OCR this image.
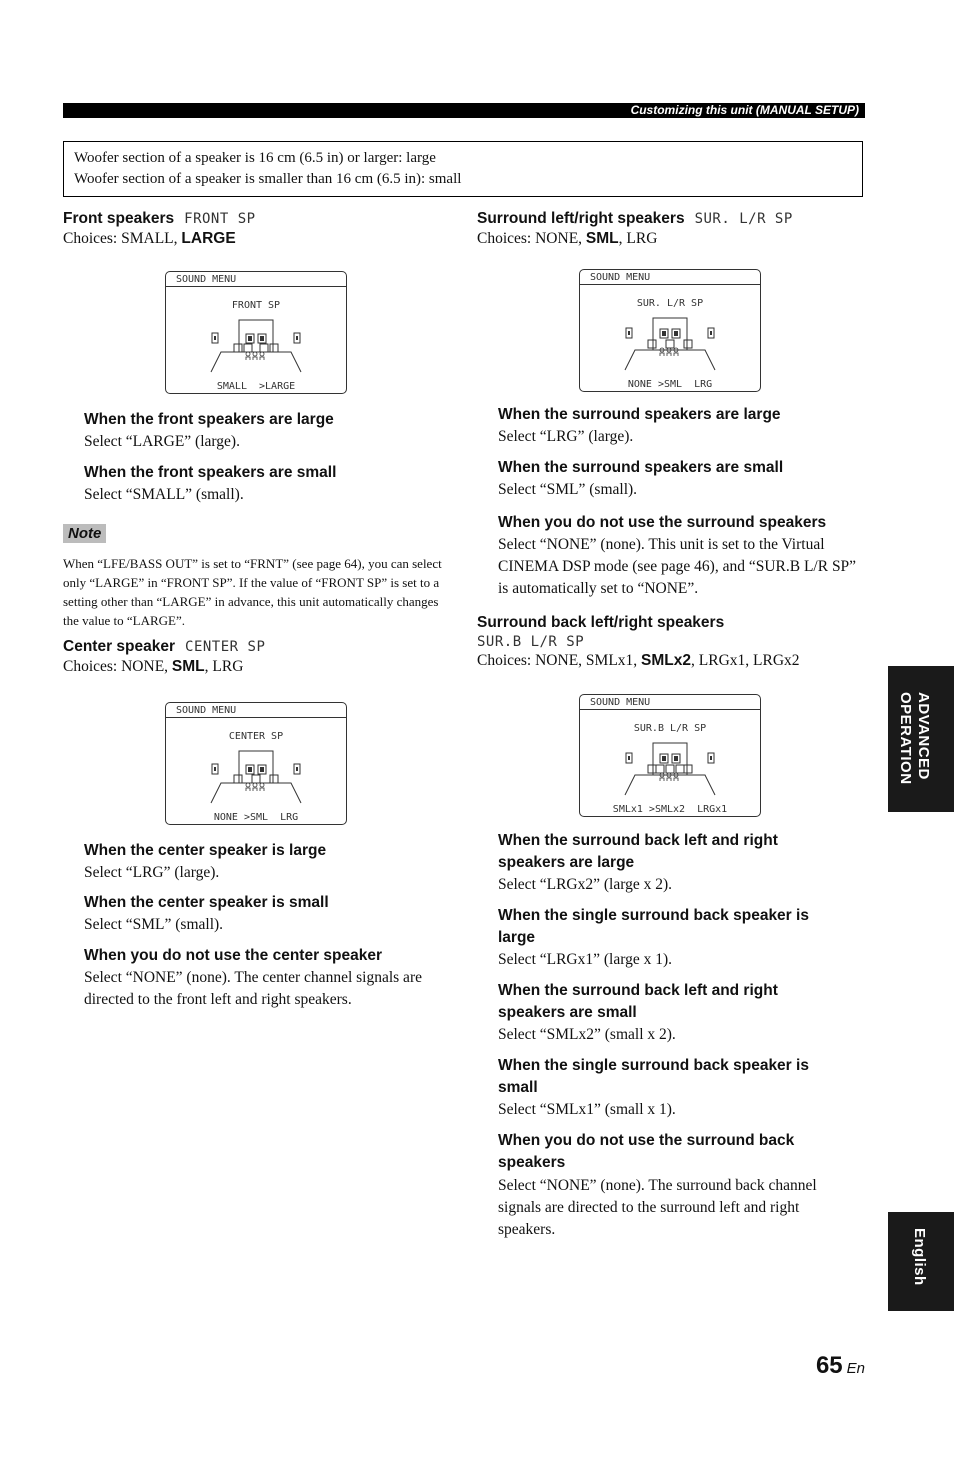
Customizing this unit (MANUAL SETUP)
Woofer section of a speaker is 16 cm (6.5 in) or larger: large
Woofer section of a speaker is smaller than 16 cm (6.5 in): small
Front speakers FRONT SP
Choices: SMALL, LARGE
SOUND MENU
FRONT SP
SMALL  >LARGE
When the front speakers are large
Select “LARGE” (large).
When the front speakers are small
Select “SMALL” (small).
Note
When “LFE/BASS OUT” is set to “FRNT” (see page 64), you can select only “LARGE” in “FRONT SP”. If the value of “FRONT SP” is set to a setting other than “LARGE” in advance, this unit automatically changes the value to “LARGE”.
Center speaker CENTER SP
Choices: NONE, SML, LRG
SOUND MENU
CENTER SP
NONE >SML  LRG
When the center speaker is large
Select “LRG” (large).
When the center speaker is small
Select “SML” (small).
When you do not use the center speaker
Select “NONE” (none). The center channel signals are directed to the front left and right speakers.
Surround left/right speakers SUR. L/R SP
Choices: NONE, SML, LRG
SOUND MENU
SUR. L/R SP
NONE >SML  LRG
When the surround speakers are large
Select “LRG” (large).
When the surround speakers are small
Select “SML” (small).
When you do not use the surround speakers
Select “NONE” (none). This unit is set to the Virtual CINEMA DSP mode (see page 46), and “SUR.B L/R SP” is automatically set to “NONE”.
Surround back left/right speakers
SUR.B L/R SP
Choices: NONE, SMLx1, SMLx2, LRGx1, LRGx2
SOUND MENU
SUR.B L/R SP
SMLx1 >SMLx2  LRGx1
When the surround back left and right speakers are large
Select “LRGx2” (large x 2).
When the single surround back speaker is large
Select “LRGx1” (large x 1).
When the surround back left and right speakers are small
Select “SMLx2” (small x 2).
When the single surround back speaker is small
Select “SMLx1” (small x 1).
When you do not use the surround back speakers
Select “NONE” (none). The surround back channel signals are directed to the surround left and right speakers.
OPERATION ADVANCED
English
65 En
